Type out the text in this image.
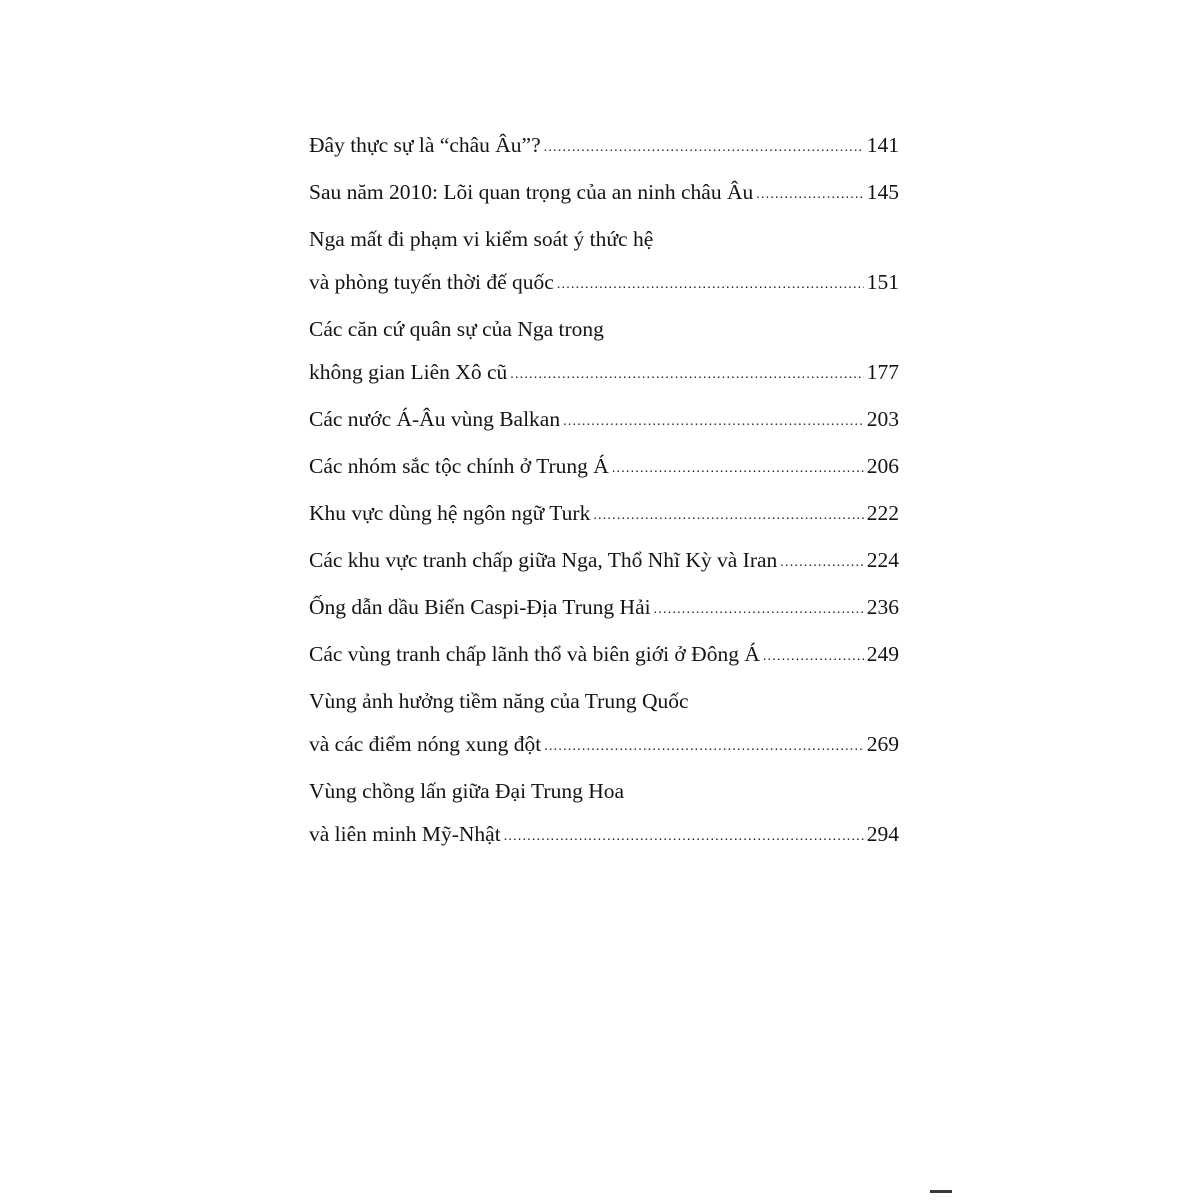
Đây thực sự là “châu Âu”? .....	141
Sau năm 2010: Lõi quan trọng của an ninh châu Âu .....	145
Nga mất đi phạm vi kiểm soát ý thức hệ
và phòng tuyến thời đế quốc .....	151
Các căn cứ quân sự của Nga trong
không gian Liên Xô cũ .....	177
Các nước Á-Âu vùng Balkan .....	203
Các nhóm sắc tộc chính ở Trung Á .....	206
Khu vực dùng hệ ngôn ngữ Turk .....	222
Các khu vực tranh chấp giữa Nga, Thổ Nhĩ Kỳ và Iran .....	224
Ống dẫn dầu Biển Caspi-Địa Trung Hải .....	236
Các vùng tranh chấp lãnh thổ và biên giới ở Đông Á .....	249
Vùng ảnh hưởng tiềm năng của Trung Quốc
và các điểm nóng xung đột .....	269
Vùng chồng lấn giữa Đại Trung Hoa
và liên minh Mỹ-Nhật .....	294
